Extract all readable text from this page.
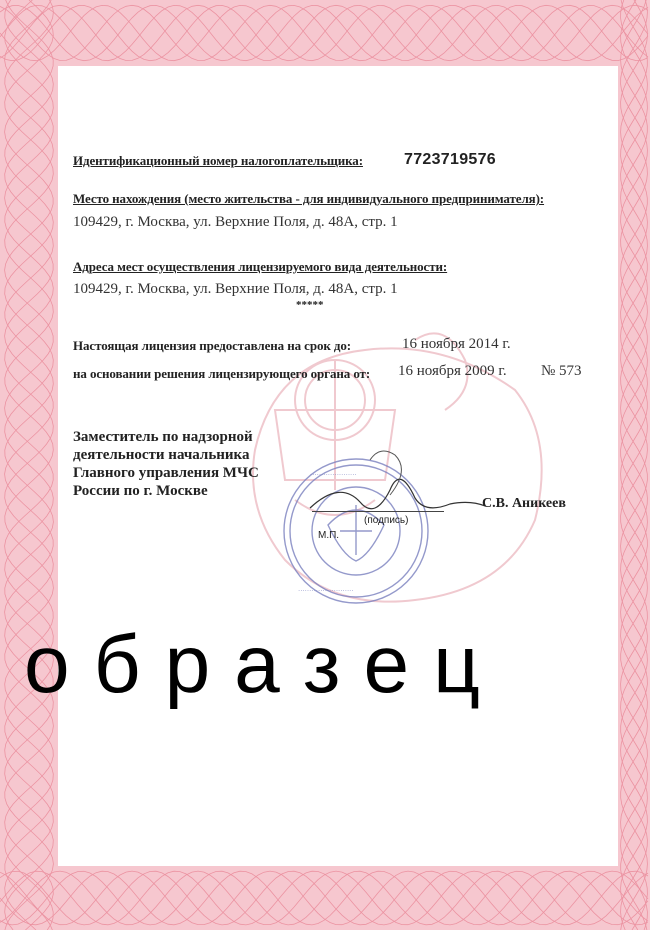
·····················
·························
Идентификационный номер налогоплательщика:	7723719576
Место нахождения (место жительства - для индивидуального предпринимателя):
109429, г. Москва, ул. Верхние Поля, д. 48А, стр. 1
Адреса мест осуществления лицензируемого вида деятельности:
109429, г. Москва, ул. Верхние Поля, д. 48А, стр. 1
*****
Настоящая лицензия предоставлена на срок до:	16 ноября 2014 г.
на основании решения лицензирующего органа от: 16 ноября 2009 г. № 573
Заместитель по надзорной деятельности начальника Главного управления МЧС России по г. Москве
С.В. Аникеев
(подпись)
М.П.
образец
